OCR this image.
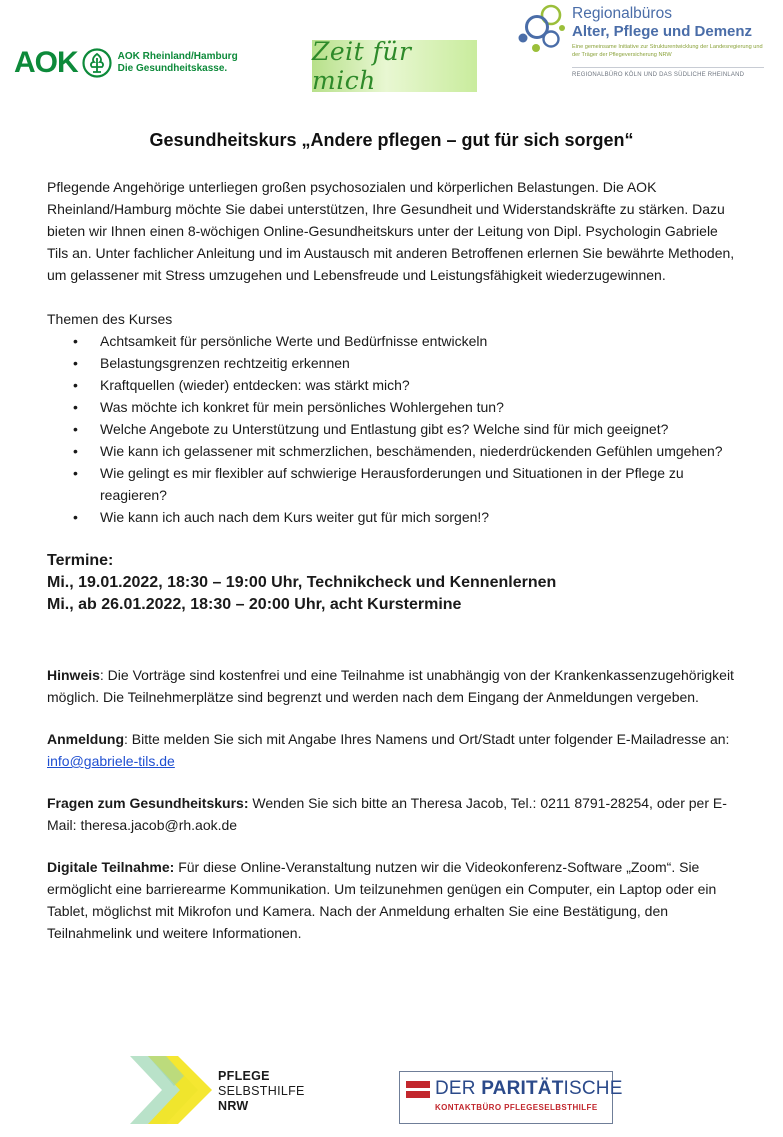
AOK	AOK Rheinland/Hamburg
Die Gesundheitskasse.
Zeit für mich
Regionalbüros
Alter, Pflege und Demenz
Eine gemeinsame Initiative zur Strukturentwicklung der Landesregierung und der Träger der Pflegeversicherung NRW
REGIONALBÜRO KÖLN UND DAS SÜDLICHE RHEINLAND
Gesundheitskurs „Andere pflegen – gut für sich sorgen“

Pflegende Angehörige unterliegen großen psychosozialen und körperlichen Belastungen. Die AOK Rheinland/Hamburg möchte Sie dabei unterstützen, Ihre Gesundheit und Widerstandskräfte zu stärken. Dazu bieten wir Ihnen einen 8-wöchigen Online-Gesundheitskurs unter der Leitung von Dipl. Psychologin Gabriele Tils an. Unter fachlicher Anleitung und im Austausch mit anderen Betroffenen erlernen Sie bewährte Methoden, um gelassener mit Stress umzugehen und Lebensfreude und Leistungsfähigkeit wiederzugewinnen.

Themen des Kurses

• Achtsamkeit für persönliche Werte und Bedürfnisse entwickeln
• Belastungsgrenzen rechtzeitig erkennen
• Kraftquellen (wieder) entdecken: was stärkt mich?
• Was möchte ich konkret für mein persönliches Wohlergehen tun?
• Welche Angebote zu Unterstützung und Entlastung gibt es? Welche sind für mich geeignet?
• Wie kann ich gelassener mit schmerzlichen, beschämenden, niederdrückenden Gefühlen umgehen?
• Wie gelingt es mir flexibler auf schwierige Herausforderungen und Situationen in der Pflege zu reagieren?
• Wie kann ich auch nach dem Kurs weiter gut für mich sorgen!?
Termine:
Mi., 19.01.2022, 18:30 – 19:00 Uhr, Technikcheck und Kennenlernen
Mi., ab 26.01.2022, 18:30 – 20:00 Uhr, acht Kurstermine

Hinweis: Die Vorträge sind kostenfrei und eine Teilnahme ist unabhängig von der Krankenkassenzugehörigkeit möglich. Die Teilnehmerplätze sind begrenzt und werden nach dem Eingang der Anmeldungen vergeben.

Anmeldung: Bitte melden Sie sich mit Angabe Ihres Namens und Ort/Stadt unter folgender E-Mailadresse an: info@gabriele-tils.de

Fragen zum Gesundheitskurs: Wenden Sie sich bitte an Theresa Jacob, Tel.: 0211 8791-28254, oder per E-Mail: theresa.jacob@rh.aok.de

Digitale Teilnahme: Für diese Online-Veranstaltung nutzen wir die Videokonferenz-Software „Zoom“. Sie ermöglicht eine barrierearme Kommunikation. Um teilzunehmen genügen ein Computer, ein Laptop oder ein Tablet, möglichst mit Mikrofon und Kamera. Nach der Anmeldung erhalten Sie eine Bestätigung, den Teilnahmelink und weitere Informationen.

PFLEGE
SELBSTHILFE
NRW
DER PARITÄTISCHE
KONTAKTBÜRO PFLEGESELBSTHILFE
